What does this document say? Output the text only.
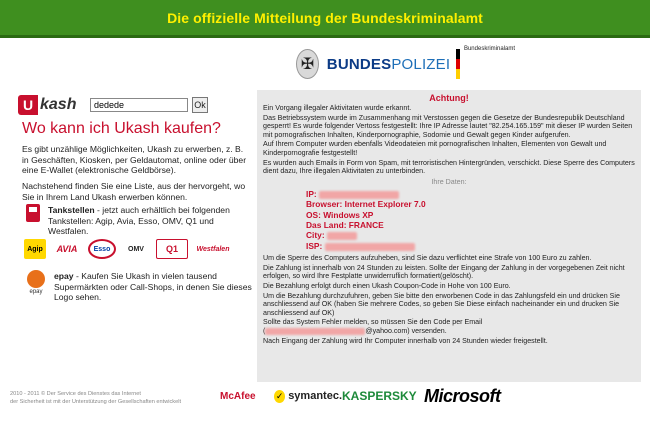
Die offizielle Mitteilung der Bundeskriminalamt
✠ BUNDESPOLIZEI
Bundeskriminalamt
U kash
dedede	Ok
Wo kann ich Ukash kaufen?
Es gibt unzählige Möglichkeiten, Ukash zu erwerben, z. B. in Geschäften, Kiosken, per Geldautomat, online oder über eine E-Wallet (elektronische Geldbörse).
Nachstehend finden Sie eine Liste, aus der hervorgeht, wo Sie in Ihrem Land Ukash erwerben können.
Tankstellen - jetzt auch erhältlich bei folgenden Tankstellen: Agip, Avia, Esso, OMV, Q1 und Westfalen.
Agip	AVIA	Esso	OMV	Q1	Westfalen
epay
epay - Kaufen Sie Ukash in vielen tausend Supermärkten oder Call-Shops, in denen Sie dieses Logo sehen.
2010 - 2011 © Der Service des Dienstes das Internet
der Sicherheit ist mit der Unterstützung der Gesellschaften entwickelt
Achtung!
Ein Vorgang illegaler Aktivitaten wurde erkannt.
Das Betriebssystem wurde im Zusammenhang mit Verstossen gegen die Gesetze der Bundesrepublik Deutschland gesperrt! Es wurde folgender Vertoss festgestellt: Ihre IP Adresse lautet "82.254.165.159" mit dieser IP wurden Seiten mit pornografischen Inhalten, Kinderpornographie, Sodomie und Gewalt gegen Kinder aufgerufen.
Auf Ihrem Computer wurden ebenfalls Videodateien mit pornografischen Inhalten, Elementen von Gewalt und Kinderpornografie festgestellt!
Es wurden auch Emails in Form von Spam, mit terroristischen Hintergründen, verschickt. Diese Sperre des Computers dient dazu, Ihre illegalen Aktivitaten zu unterbinden.
Ihre Daten:
IP:
Browser: Internet Explorer 7.0
OS: Windows XP
Das Land: FRANCE
City:
ISP:
Um die Sperre des Computers aufzuheben, sind Sie dazu verflichtet eine Strafe von 100 Euro zu zahlen.
Die Zahlung ist innerhalb von 24 Stunden zu leisten. Sollte der Eingang der Zahlung in der vorgegebenen Zeit nicht erfolgen, so wird Ihre Festplatte unwiderruflich formatiert(gelöscht).
Die Bezahlung erfolgt durch einen Ukash Coupon-Code in Hohe von 100 Euro.
Um die Bezahlung durchzufuhren, geben Sie bitte den erworbenen Code in das Zahlungsfeld ein und drücken Sie anschliessend auf OK (haben Sie mehrere Codes, so geben Sie Diese einfach nacheinander ein und drucken Sie anschliessend auf OK)
Sollte das System Fehler melden, so müssen Sie den Code per Email
(	@yahoo.com) versenden.
Nach Eingang der Zahlung wird Ihr Computer innerhalb von 24 Stunden wieder freigestellt.
McAfee
✓	symantec. KASPERSKY Microsoft
